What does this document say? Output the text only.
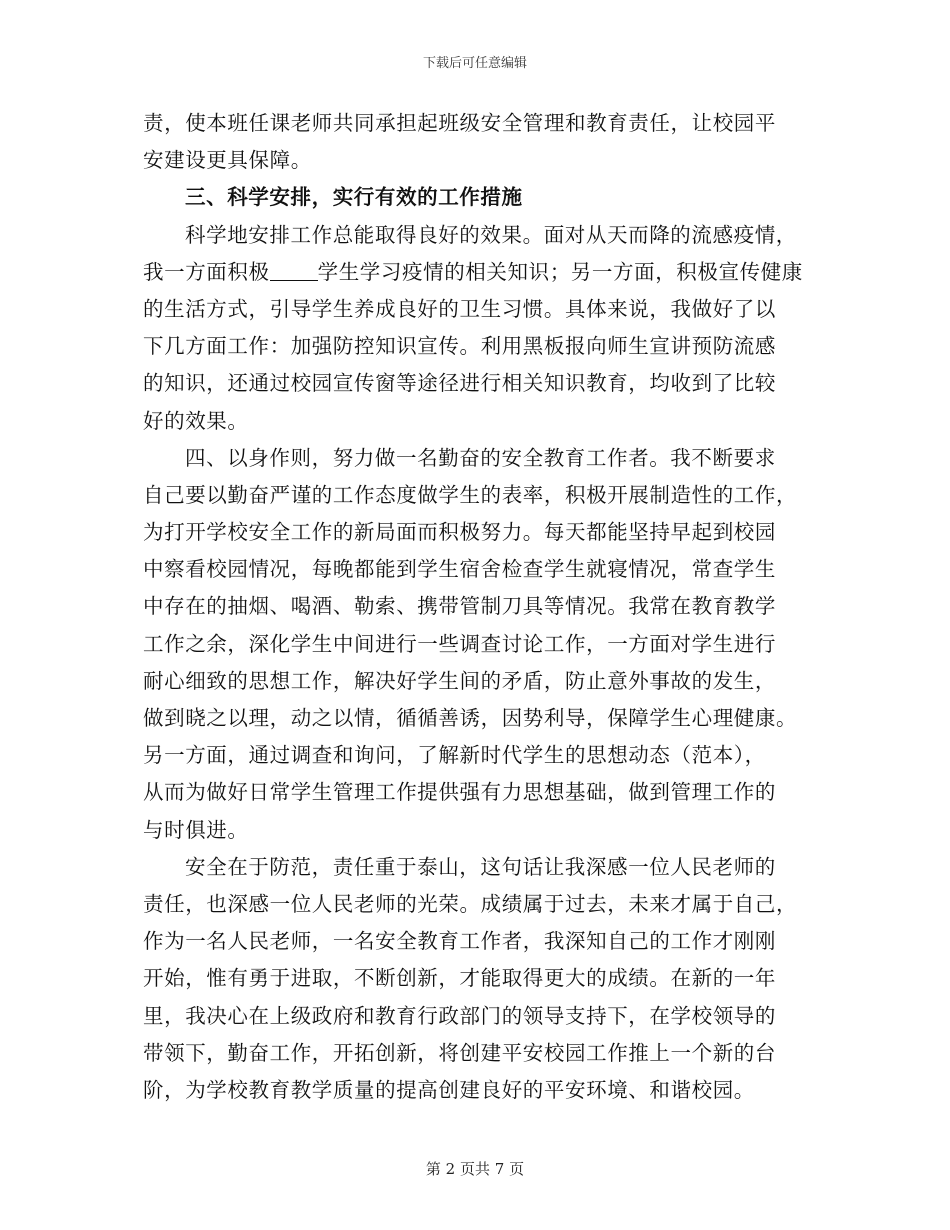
下载后可任意编辑
责，使本班任课老师共同承担起班级安全管理和教育责任，让校园平
安建设更具保障。
三、科学安排，实行有效的工作措施
科学地安排工作总能取得良好的效果。面对从天而降的流感疫情，
我一方面积极 学生学习疫情的相关知识；另一方面，积极宣传健康
的生活方式，引导学生养成良好的卫生习惯。具体来说，我做好了以
下几方面工作：加强防控知识宣传。利用黑板报向师生宣讲预防流感
的知识，还通过校园宣传窗等途径进行相关知识教育，均收到了比较
好的效果。
四、以身作则，努力做一名勤奋的安全教育工作者。我不断要求
自己要以勤奋严谨的工作态度做学生的表率，积极开展制造性的工作，
为打开学校安全工作的新局面而积极努力。每天都能坚持早起到校园
中察看校园情况，每晚都能到学生宿舍检查学生就寝情况，常查学生
中存在的抽烟、喝酒、勒索、携带管制刀具等情况。我常在教育教学
工作之余，深化学生中间进行一些调查讨论工作，一方面对学生进行
耐心细致的思想工作，解决好学生间的矛盾，防止意外事故的发生，
做到晓之以理，动之以情，循循善诱，因势利导，保障学生心理健康。
另一方面，通过调查和询问，了解新时代学生的思想动态（范本），
从而为做好日常学生管理工作提供强有力思想基础，做到管理工作的
与时俱进。
安全在于防范，责任重于泰山，这句话让我深感一位人民老师的
责任，也深感一位人民老师的光荣。成绩属于过去，未来才属于自己，
作为一名人民老师，一名安全教育工作者，我深知自己的工作才刚刚
开始，惟有勇于进取，不断创新，才能取得更大的成绩。在新的一年
里，我决心在上级政府和教育行政部门的领导支持下，在学校领导的
带领下，勤奋工作，开拓创新，将创建平安校园工作推上一个新的台
阶，为学校教育教学质量的提高创建良好的平安环境、和谐校园。
第 2 页共 7 页
